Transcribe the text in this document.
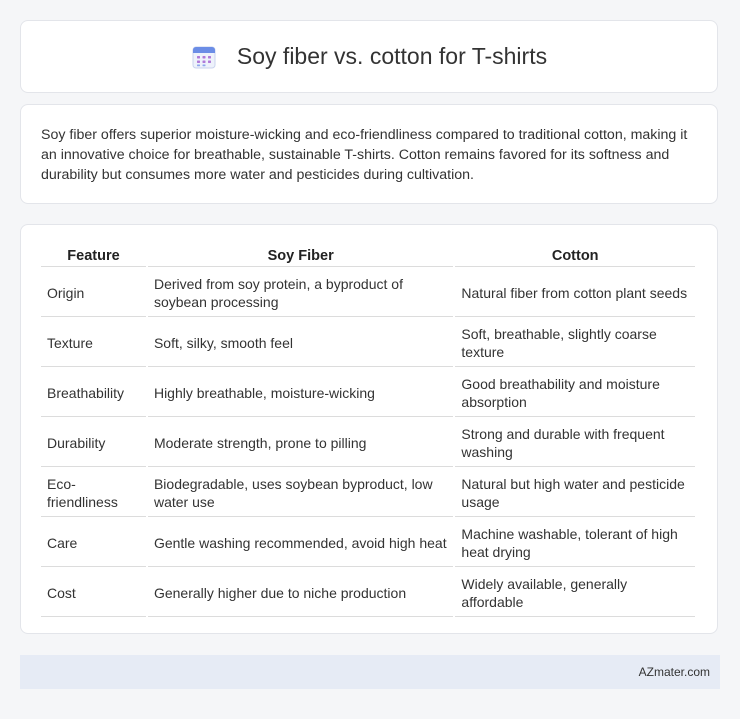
Soy fiber vs. cotton for T-shirts

Soy fiber offers superior moisture-wicking and eco-friendliness compared to traditional cotton, making it an innovative choice for breathable, sustainable T-shirts. Cotton remains favored for its softness and durability but consumes more water and pesticides during cultivation.

Feature	Soy Fiber	Cotton
Origin	Derived from soy protein, a byproduct of soybean processing	Natural fiber from cotton plant seeds
Texture	Soft, silky, smooth feel	Soft, breathable, slightly coarse texture
Breathability	Highly breathable, moisture-wicking	Good breathability and moisture absorption
Durability	Moderate strength, prone to pilling	Strong and durable with frequent washing
Eco-friendliness	Biodegradable, uses soybean byproduct, low water use	Natural but high water and pesticide usage
Care	Gentle washing recommended, avoid high heat	Machine washable, tolerant of high heat drying
Cost	Generally higher due to niche production	Widely available, generally affordable
AZmater.com
